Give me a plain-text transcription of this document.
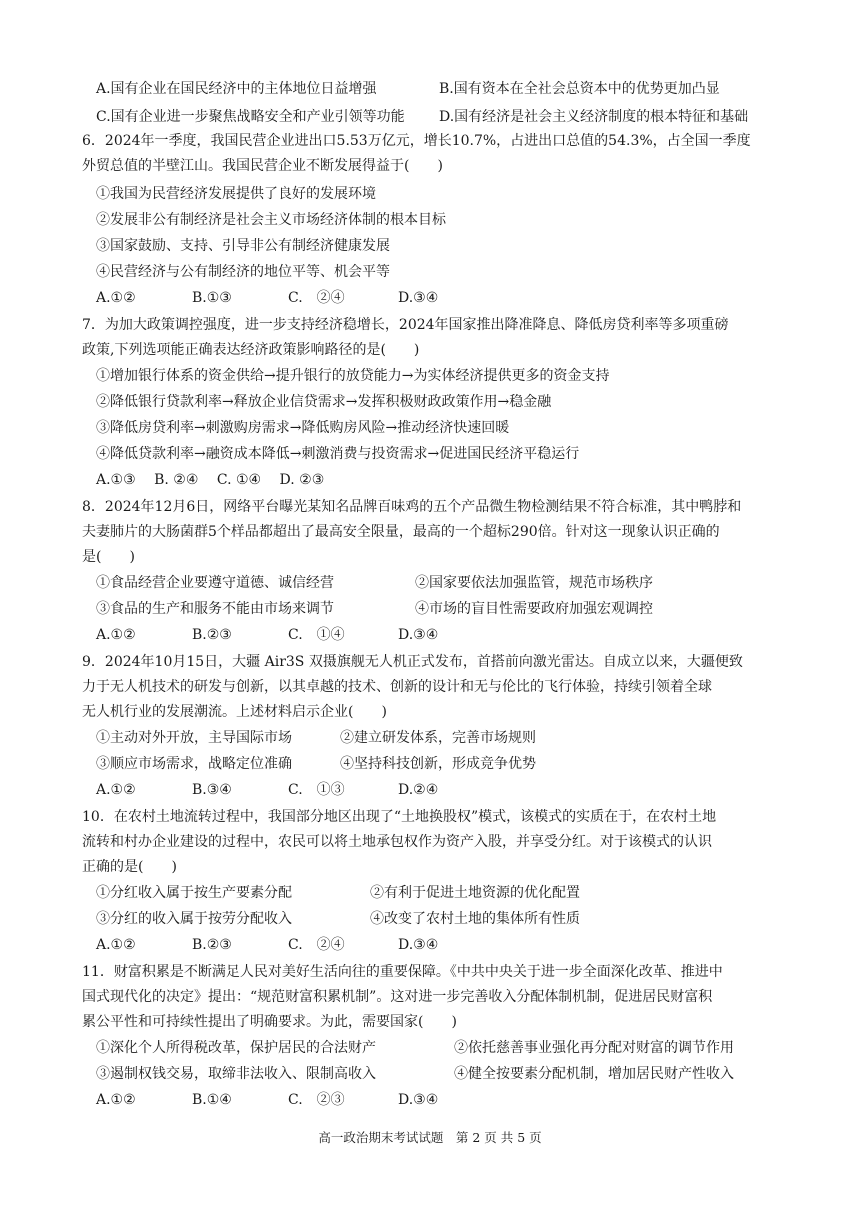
A.国有企业在国民经济中的主体地位日益增强	B.国有资本在全社会总资本中的优势更加凸显
C.国有企业进一步聚焦战略安全和产业引领等功能 D.国有经济是社会主义经济制度的根本特征和基础
6．2024年一季度，我国民营企业进出口5.53万亿元，增长10.7%，占进出口总值的54.3%，占全国一季度
外贸总值的半壁江山。我国民营企业不断发展得益于(　　)
①我国为民营经济发展提供了良好的发展环境
②发展非公有制经济是社会主义市场经济体制的根本目标
③国家鼓励、支持、引导非公有制经济健康发展
④民营经济与公有制经济的地位平等、机会平等
A.①②	B.①③	C.　②④	D.③④
7．为加大政策调控强度，进一步支持经济稳增长，2024年国家推出降准降息、降低房贷利率等多项重磅
政策,下列选项能正确表达经济政策影响路径的是(　　)
①增加银行体系的资金供给→提升银行的放贷能力→为实体经济提供更多的资金支持
②降低银行贷款利率→释放企业信贷需求→发挥积极财政政策作用→稳金融
③降低房贷利率→刺激购房需求→降低购房风险→推动经济快速回暖
④降低贷款利率→融资成本降低→刺激消费与投资需求→促进国民经济平稳运行
A.①③　 B. ②④　 C. ①④　 D. ②③
8．2024年12月6日，网络平台曝光某知名品牌百味鸡的五个产品微生物检测结果不符合标准，其中鸭脖和
夫妻肺片的大肠菌群5个样品都超出了最高安全限量，最高的一个超标290倍。针对这一现象认识正确的
是(　　)
①食品经营企业要遵守道德、诚信经营	②国家要依法加强监管，规范市场秩序
③食品的生产和服务不能由市场来调节	④市场的盲目性需要政府加强宏观调控
A.①②	B.②③	C.　①④	D.③④
9．2024年10月15日，大疆 Air3S 双摄旗舰无人机正式发布，首搭前向激光雷达。自成立以来，大疆便致
力于无人机技术的研发与创新，以其卓越的技术、创新的设计和无与伦比的飞行体验，持续引领着全球
无人机行业的发展潮流。上述材料启示企业(　　)
①主动对外开放，主导国际市场	②建立研发体系，完善市场规则
③顺应市场需求，战略定位准确	④坚持科技创新，形成竞争优势
A.①②	B.③④	C.　①③	D.②④
10．在农村土地流转过程中，我国部分地区出现了“土地换股权”模式，该模式的实质在于，在农村土地
流转和村办企业建设的过程中，农民可以将土地承包权作为资产入股，并享受分红。对于该模式的认识
正确的是(　　)
①分红收入属于按生产要素分配	②有利于促进土地资源的优化配置
③分红的收入属于按劳分配收入	④改变了农村土地的集体所有性质
A.①②	B.②③	C.　②④	D.③④
11．财富积累是不断满足人民对美好生活向往的重要保障。《中共中央关于进一步全面深化改革、推进中
国式现代化的决定》提出：“规范财富积累机制”。这对进一步完善收入分配体制机制，促进居民财富积
累公平性和可持续性提出了明确要求。为此，需要国家(　　)
①深化个人所得税改革，保护居民的合法财产	②依托慈善事业强化再分配对财富的调节作用
③遏制权钱交易，取缔非法收入、限制高收入	④健全按要素分配机制，增加居民财产性收入
A.①②	B.①④	C.　②③	D.③④
高一政治期末考试试题　第 2 页 共 5 页
